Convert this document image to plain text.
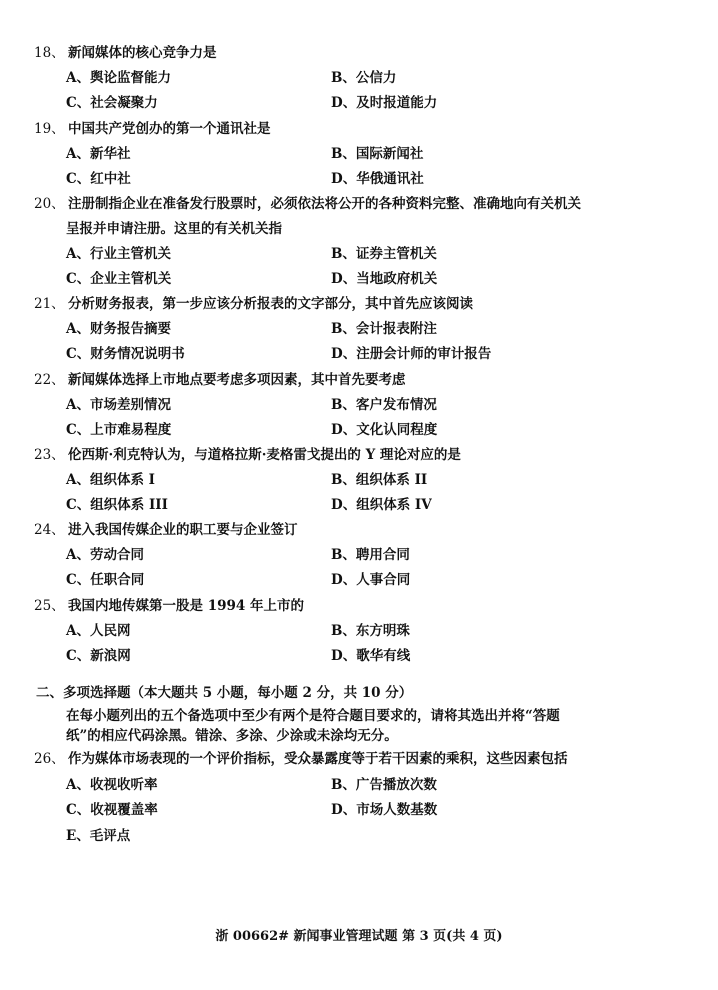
18、 新闻媒体的核心竞争力是
A、舆论监督能力	B、公信力
C、社会凝聚力	D、及时报道能力
19、 中国共产党创办的第一个通讯社是
A、新华社	B、国际新闻社
C、红中社	D、华俄通讯社
20、 注册制指企业在准备发行股票时，必须依法将公开的各种资料完整、准确地向有关机关
呈报并申请注册。这里的有关机关指
A、行业主管机关	B、证券主管机关
C、企业主管机关	D、当地政府机关
21、 分析财务报表，第一步应该分析报表的文字部分，其中首先应该阅读
A、财务报告摘要	B、会计报表附注
C、财务情况说明书	D、注册会计师的审计报告
22、 新闻媒体选择上市地点要考虑多项因素，其中首先要考虑
A、市场差别情况	B、客户发布情况
C、上市难易程度	D、文化认同程度
23、 伦西斯·利克特认为，与道格拉斯·麦格雷戈提出的 Y 理论对应的是
A、组织体系 I	B、组织体系 II
C、组织体系 III	D、组织体系 IV
24、 进入我国传媒企业的职工要与企业签订
A、劳动合同	B、聘用合同
C、任职合同	D、人事合同
25、 我国内地传媒第一股是 1994 年上市的
A、人民网	B、东方明珠
C、新浪网	D、歌华有线
二、多项选择题（本大题共 5 小题，每小题 2 分，共 10 分）
在每小题列出的五个备选项中至少有两个是符合题目要求的，请将其选出并将“答题
纸”的相应代码涂黑。错涂、多涂、少涂或未涂均无分。
26、 作为媒体市场表现的一个评价指标，受众暴露度等于若干因素的乘积，这些因素包括
A、收视收听率	B、广告播放次数
C、收视覆盖率	D、市场人数基数
E、毛评点
浙 00662# 新闻事业管理试题 第 3 页(共 4 页)
